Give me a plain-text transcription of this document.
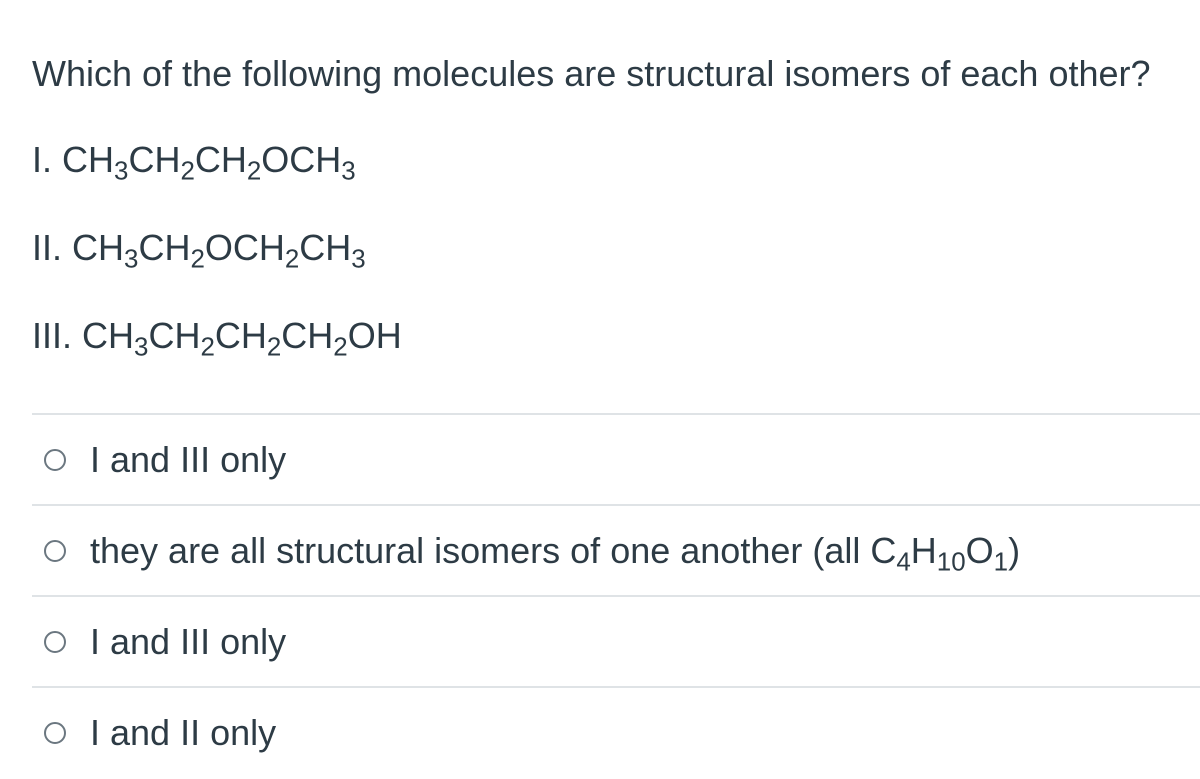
Which of the following molecules are structural isomers of each other?

I. $CH_3CH_2CH_2OCH_3$
II. $CH_3CH_2OCH_2CH_3$
III. $CH_3CH_2CH_2CH_2OH$
I and III only
they are all structural isomers of one another (all $C_4H_{10}O_1$)
I and III only
I and II only
